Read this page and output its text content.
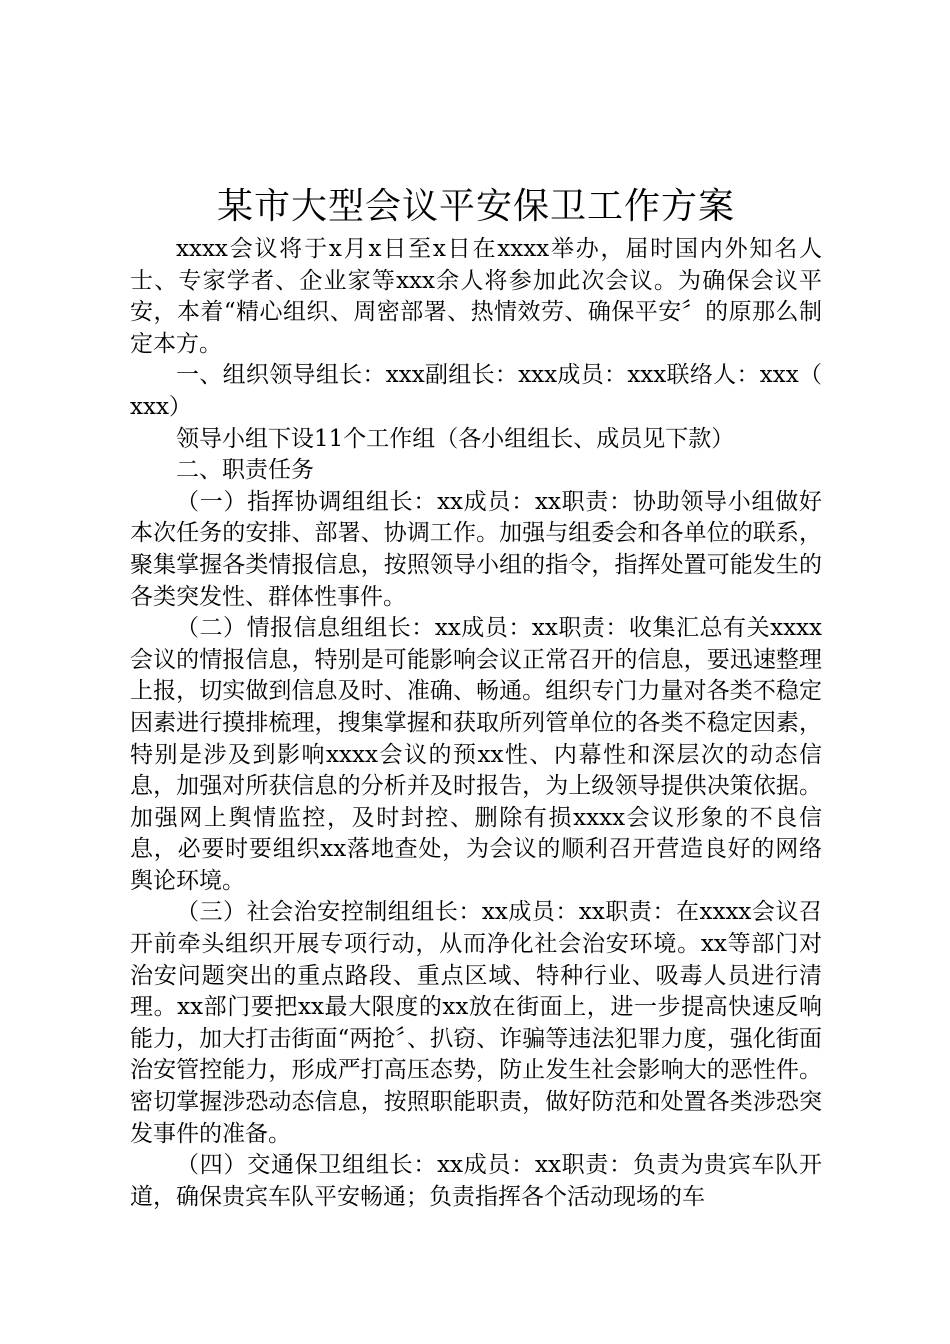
某市大型会议平安保卫工作方案

xxxx会议将于x月x日至x日在xxxx举办，届时国内外知名人士、专家学者、企业家等xxx余人将参加此次会议。为确保会议平安，本着“精心组织、周密部署、热情效劳、确保平安〞的原那么制定本方。

一、组织领导组长：xxx副组长：xxx成员：xxx联络人：xxx（　xxx）

领导小组下设11个工作组（各小组组长、成员见下款）

二、职责任务

（一）指挥协调组组长：xx成员：xx职责：协助领导小组做好本次任务的安排、部署、协调工作。加强与组委会和各单位的联系，聚集掌握各类情报信息，按照领导小组的指令，指挥处置可能发生的各类突发性、群体性事件。

（二）情报信息组组长：xx成员：xx职责：收集汇总有关xxxx会议的情报信息，特别是可能影响会议正常召开的信息，要迅速整理上报，切实做到信息及时、准确、畅通。组织专门力量对各类不稳定因素进行摸排梳理，搜集掌握和获取所列管单位的各类不稳定因素，特别是涉及到影响xxxx会议的预xx性、内幕性和深层次的动态信息，加强对所获信息的分析并及时报告，为上级领导提供决策依据。加强网上舆情监控，及时封控、删除有损xxxx会议形象的不良信息，必要时要组织xx落地查处，为会议的顺利召开营造良好的网络舆论环境。

（三）社会治安控制组组长：xx成员：xx职责：在xxxx会议召开前牵头组织开展专项行动，从而净化社会治安环境。xx等部门对治安问题突出的重点路段、重点区域、特种行业、吸毒人员进行清理。xx部门要把xx最大限度的xx放在街面上，进一步提高快速反响能力，加大打击街面“两抢〞、扒窃、诈骗等违法犯罪力度，强化街面治安管控能力，形成严打高压态势，防止发生社会影响大的恶性件。密切掌握涉恐动态信息，按照职能职责，做好防范和处置各类涉恐突发事件的准备。

（四）交通保卫组组长：xx成员：xx职责：负责为贵宾车队开道，确保贵宾车队平安畅通；负责指挥各个活动现场的车
